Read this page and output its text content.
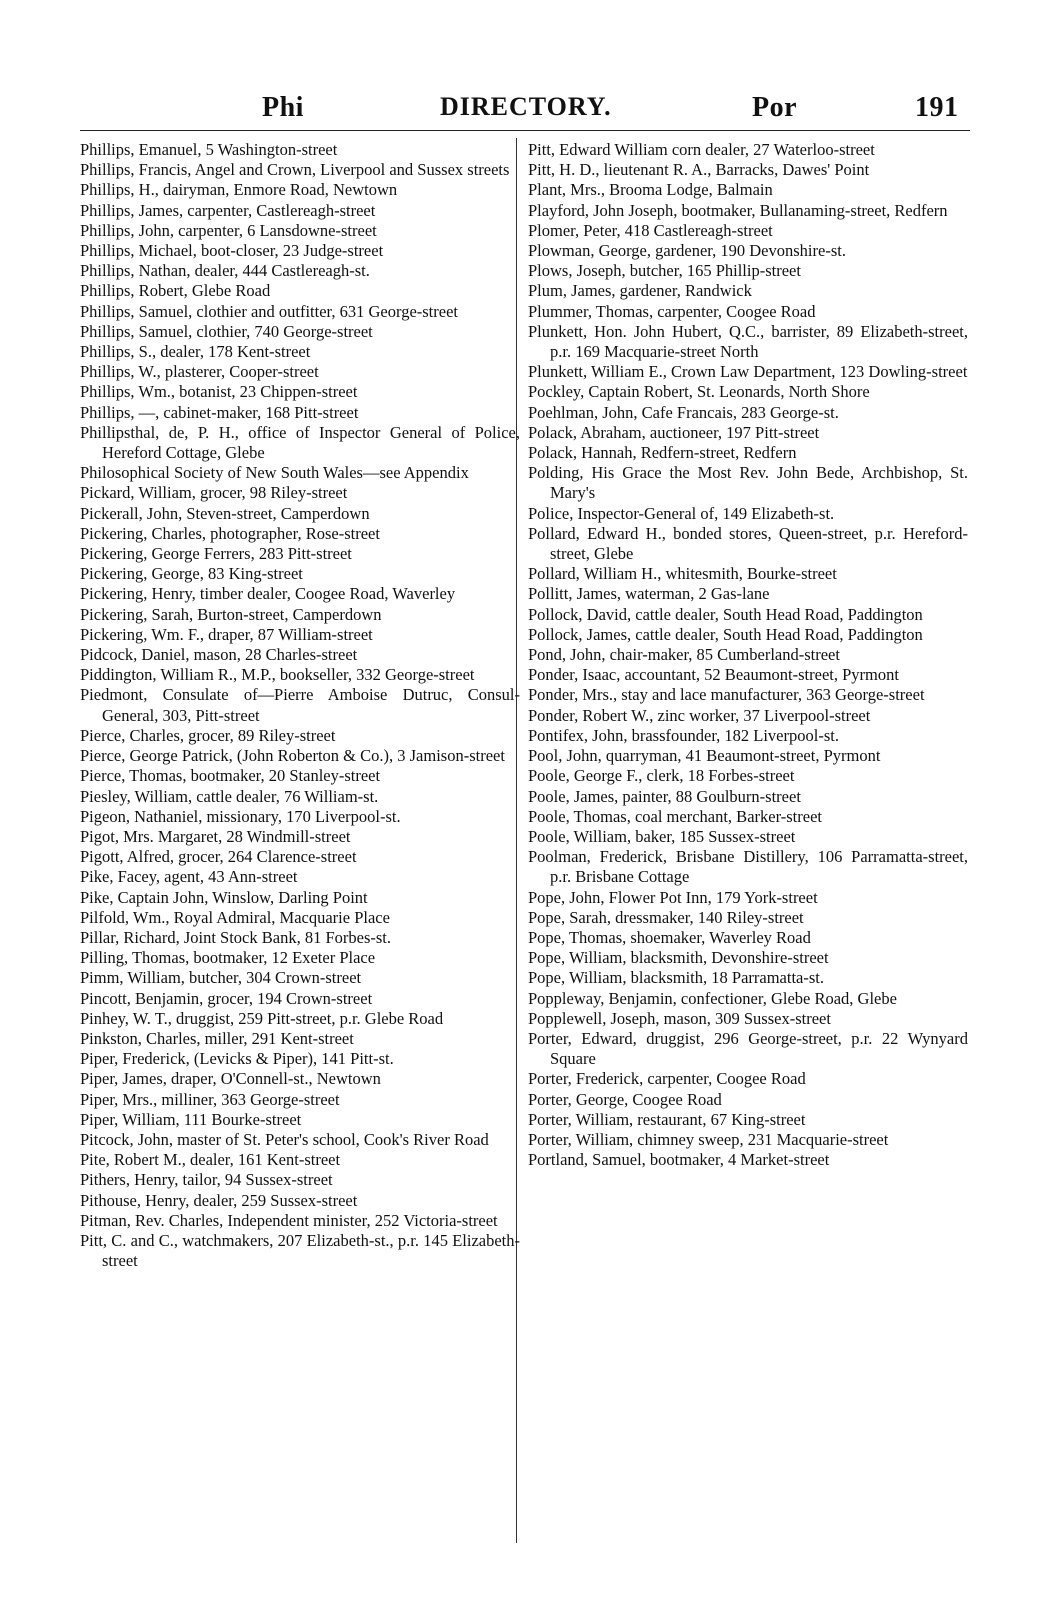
Phi	DIRECTORY.	Por	191
Phillips, Emanuel, 5 Washington-street
Phillips, Francis, Angel and Crown, Liverpool and Sussex streets
Phillips, H., dairyman, Enmore Road, Newtown
Phillips, James, carpenter, Castlereagh-street
Phillips, John, carpenter, 6 Lansdowne-street
Phillips, Michael, boot-closer, 23 Judge-street
Phillips, Nathan, dealer, 444 Castlereagh-st.
Phillips, Robert, Glebe Road
Phillips, Samuel, clothier and outfitter, 631 George-street
Phillips, Samuel, clothier, 740 George-street
Phillips, S., dealer, 178 Kent-street
Phillips, W., plasterer, Cooper-street
Phillips, Wm., botanist, 23 Chippen-street
Phillips, —, cabinet-maker, 168 Pitt-street
Phillipsthal, de, P. H., office of Inspector General of Police, Hereford Cottage, Glebe
Philosophical Society of New South Wales—see Appendix
Pickard, William, grocer, 98 Riley-street
Pickerall, John, Steven-street, Camperdown
Pickering, Charles, photographer, Rose-street
Pickering, George Ferrers, 283 Pitt-street
Pickering, George, 83 King-street
Pickering, Henry, timber dealer, Coogee Road, Waverley
Pickering, Sarah, Burton-street, Camperdown
Pickering, Wm. F., draper, 87 William-street
Pidcock, Daniel, mason, 28 Charles-street
Piddington, William R., M.P., bookseller, 332 George-street
Piedmont, Consulate of—Pierre Amboise Dutruc, Consul-General, 303, Pitt-street
Pierce, Charles, grocer, 89 Riley-street
Pierce, George Patrick, (John Roberton & Co.), 3 Jamison-street
Pierce, Thomas, bootmaker, 20 Stanley-street
Piesley, William, cattle dealer, 76 William-st.
Pigeon, Nathaniel, missionary, 170 Liverpool-st.
Pigot, Mrs. Margaret, 28 Windmill-street
Pigott, Alfred, grocer, 264 Clarence-street
Pike, Facey, agent, 43 Ann-street
Pike, Captain John, Winslow, Darling Point
Pilfold, Wm., Royal Admiral, Macquarie Place
Pillar, Richard, Joint Stock Bank, 81 Forbes-st.
Pilling, Thomas, bootmaker, 12 Exeter Place
Pimm, William, butcher, 304 Crown-street
Pincott, Benjamin, grocer, 194 Crown-street
Pinhey, W. T., druggist, 259 Pitt-street, p.r. Glebe Road
Pinkston, Charles, miller, 291 Kent-street
Piper, Frederick, (Levicks & Piper), 141 Pitt-st.
Piper, James, draper, O'Connell-st., Newtown
Piper, Mrs., milliner, 363 George-street
Piper, William, 111 Bourke-street
Pitcock, John, master of St. Peter's school, Cook's River Road
Pite, Robert M., dealer, 161 Kent-street
Pithers, Henry, tailor, 94 Sussex-street
Pithouse, Henry, dealer, 259 Sussex-street
Pitman, Rev. Charles, Independent minister, 252 Victoria-street
Pitt, C. and C., watchmakers, 207 Elizabeth-st., p.r. 145 Elizabeth-street
Pitt, Edward William corn dealer, 27 Waterloo-street
Pitt, H. D., lieutenant R. A., Barracks, Dawes' Point
Plant, Mrs., Brooma Lodge, Balmain
Playford, John Joseph, bootmaker, Bullanaming-street, Redfern
Plomer, Peter, 418 Castlereagh-street
Plowman, George, gardener, 190 Devonshire-st.
Plows, Joseph, butcher, 165 Phillip-street
Plum, James, gardener, Randwick
Plummer, Thomas, carpenter, Coogee Road
Plunkett, Hon. John Hubert, Q.C., barrister, 89 Elizabeth-street, p.r. 169 Macquarie-street North
Plunkett, William E., Crown Law Department, 123 Dowling-street
Pockley, Captain Robert, St. Leonards, North Shore
Poehlman, John, Cafe Francais, 283 George-st.
Polack, Abraham, auctioneer, 197 Pitt-street
Polack, Hannah, Redfern-street, Redfern
Polding, His Grace the Most Rev. John Bede, Archbishop, St. Mary's
Police, Inspector-General of, 149 Elizabeth-st.
Pollard, Edward H., bonded stores, Queen-street, p.r. Hereford-street, Glebe
Pollard, William H., whitesmith, Bourke-street
Pollitt, James, waterman, 2 Gas-lane
Pollock, David, cattle dealer, South Head Road, Paddington
Pollock, James, cattle dealer, South Head Road, Paddington
Pond, John, chair-maker, 85 Cumberland-street
Ponder, Isaac, accountant, 52 Beaumont-street, Pyrmont
Ponder, Mrs., stay and lace manufacturer, 363 George-street
Ponder, Robert W., zinc worker, 37 Liverpool-street
Pontifex, John, brassfounder, 182 Liverpool-st.
Pool, John, quarryman, 41 Beaumont-street, Pyrmont
Poole, George F., clerk, 18 Forbes-street
Poole, James, painter, 88 Goulburn-street
Poole, Thomas, coal merchant, Barker-street
Poole, William, baker, 185 Sussex-street
Poolman, Frederick, Brisbane Distillery, 106 Parramatta-street, p.r. Brisbane Cottage
Pope, John, Flower Pot Inn, 179 York-street
Pope, Sarah, dressmaker, 140 Riley-street
Pope, Thomas, shoemaker, Waverley Road
Pope, William, blacksmith, Devonshire-street
Pope, William, blacksmith, 18 Parramatta-st.
Poppleway, Benjamin, confectioner, Glebe Road, Glebe
Popplewell, Joseph, mason, 309 Sussex-street
Porter, Edward, druggist, 296 George-street, p.r. 22 Wynyard Square
Porter, Frederick, carpenter, Coogee Road
Porter, George, Coogee Road
Porter, William, restaurant, 67 King-street
Porter, William, chimney sweep, 231 Macquarie-street
Portland, Samuel, bootmaker, 4 Market-street
